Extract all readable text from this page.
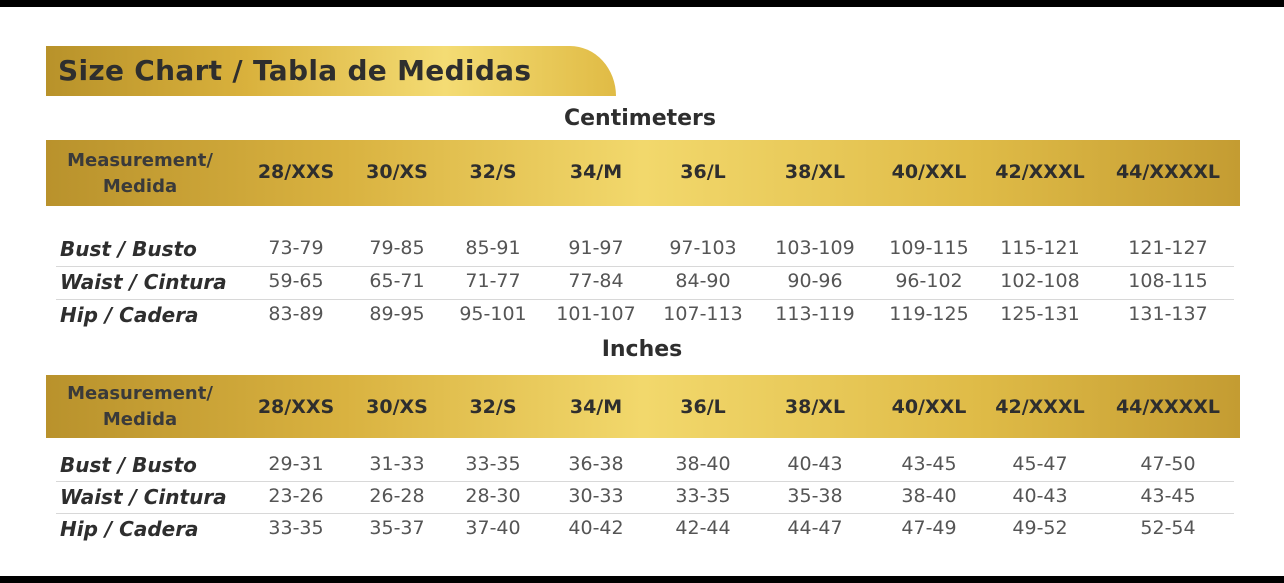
Size Chart / Tabla de Medidas
Centimeters
Inches
Measurement/
Medida
28/XXS 30/XS 32/S	34/M	36/L	38/XL 40/XXL 42/XXXL 44/XXXXL
Bust / Busto	73-79 79-85 85-91	91-97 97-103 103-109 109-115 115-121	121-127
Waist / Cintura 59-65 65-71 71-77	77-84	84-90	90-96	96-102 102-108	108-115
Hip / Cadera	83-89 89-95 95-101 101-107 107-113 113-119 119-125 125-131	131-137
Measurement/
Medida
28/XXS 30/XS 32/S	34/M	36/L	38/XL 40/XXL 42/XXXL 44/XXXXL
Bust / Busto	29-31 31-33 33-35	36-38	38-40	40-43	43-45	45-47	47-50
Waist / Cintura 23-26 26-28 28-30	30-33	33-35	35-38	38-40	40-43	43-45
Hip / Cadera	33-35 35-37 37-40	40-42	42-44	44-47	47-49	49-52	52-54
